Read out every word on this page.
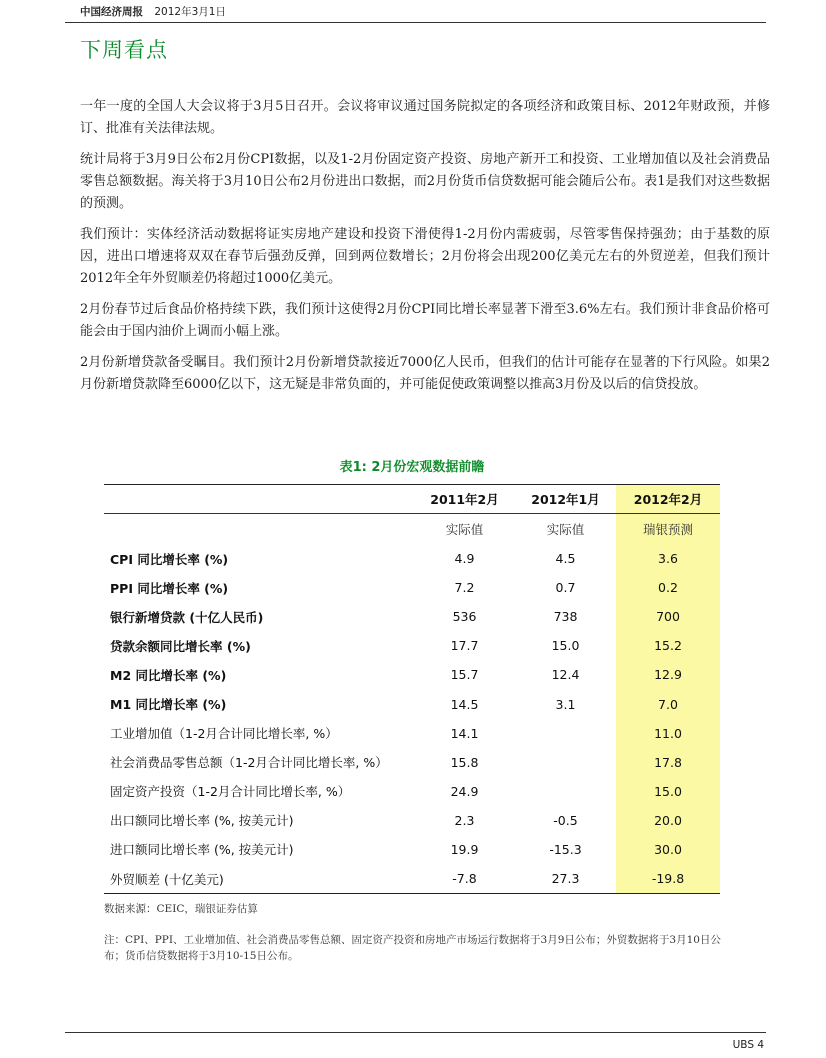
中国经济周报 2012年3月1日
下周看点

一年一度的全国人大会议将于3月5日召开。会议将审议通过国务院拟定的各项经济和政策目标、2012年财政预，并修订、批准有关法律法规。

统计局将于3月9日公布2月份CPI数据，以及1-2月份固定资产投资、房地产新开工和投资、工业增加值以及社会消费品零售总额数据。海关将于3月10日公布2月份进出口数据，而2月份货币信贷数据可能会随后公布。表1是我们对这些数据的预测。

我们预计：实体经济活动数据将证实房地产建设和投资下滑使得1-2月份内需疲弱，尽管零售保持强劲；由于基数的原因，进出口增速将双双在春节后强劲反弹，回到两位数增长；2月份将会出现200亿美元左右的外贸逆差，但我们预计2012年全年外贸顺差仍将超过1000亿美元。

2月份春节过后食品价格持续下跌，我们预计这使得2月份CPI同比增长率显著下滑至3.6%左右。我们预计非食品价格可能会由于国内油价上调而小幅上涨。

2月份新增贷款备受瞩目。我们预计2月份新增贷款接近7000亿人民币，但我们的估计可能存在显著的下行风险。如果2月份新增贷款降至6000亿以下，这无疑是非常负面的，并可能促使政策调整以推高3月份及以后的信贷投放。

表1: 2月份宏观数据前瞻
	2011年2月	2012年1月	2012年2月
	实际值	实际值	瑞银预测
CPI 同比增长率 (%)	4.9	4.5	3.6
PPI 同比增长率 (%)	7.2	0.7	0.2
银行新增贷款 (十亿人民币)	536	738	700
贷款余额同比增长率 (%)	17.7	15.0	15.2
M2 同比增长率 (%)	15.7	12.4	12.9
M1 同比增长率 (%)	14.5	3.1	7.0
工业增加值（1-2月合计同比增长率, %）	14.1		11.0
社会消费品零售总额（1-2月合计同比增长率, %）	15.8		17.8
固定资产投资（1-2月合计同比增长率, %）	24.9		15.0
出口额同比增长率 (%, 按美元计)	2.3	-0.5	20.0
进口额同比增长率 (%, 按美元计)	19.9	-15.3	30.0
外贸顺差 (十亿美元)	-7.8	27.3	-19.8
数据来源：CEIC，瑞银证券估算
注：CPI、PPI、工业增加值、社会消费品零售总额、固定资产投资和房地产市场运行数据将于3月9日公布；外贸数据将于3月10日公布；货币信贷数据将于3月10-15日公布。
UBS 4
